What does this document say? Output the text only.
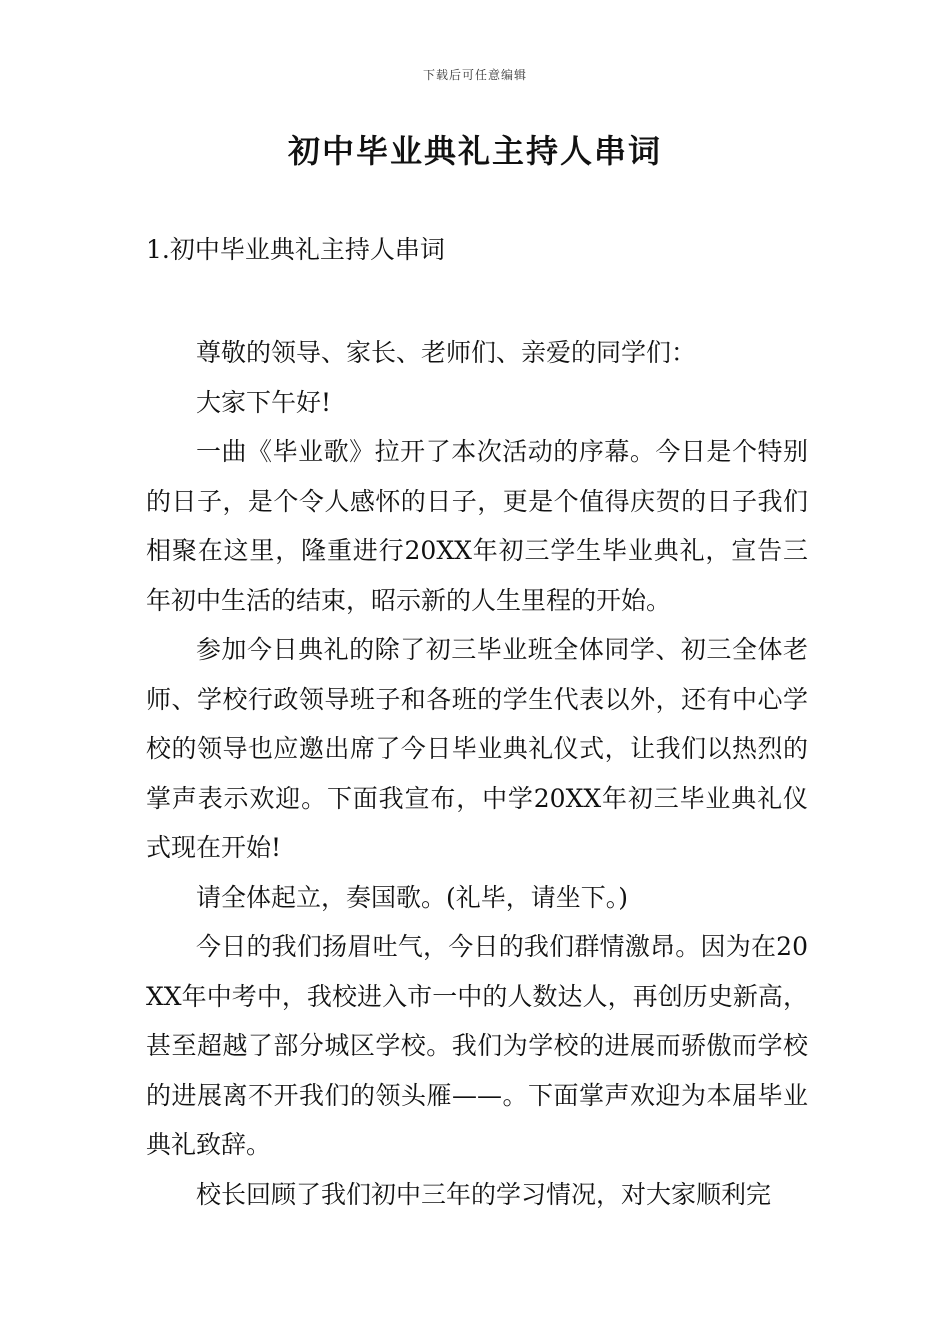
下载后可任意编辑
初中毕业典礼主持人串词
1.初中毕业典礼主持人串词

尊敬的领导、家长、老师们、亲爱的同学们：

大家下午好!

一曲《毕业歌》拉开了本次活动的序幕。今日是个特别的日子，是个令人感怀的日子，更是个值得庆贺的日子我们相聚在这里，隆重进行20XX年初三学生毕业典礼，宣告三年初中生活的结束，昭示新的人生里程的开始。

参加今日典礼的除了初三毕业班全体同学、初三全体老师、学校行政领导班子和各班的学生代表以外，还有中心学校的领导也应邀出席了今日毕业典礼仪式，让我们以热烈的掌声表示欢迎。下面我宣布，中学20XX年初三毕业典礼仪式现在开始!

请全体起立，奏国歌。(礼毕，请坐下。)

今日的我们扬眉吐气，今日的我们群情激昂。因为在20XX年中考中，我校进入市一中的人数达人，再创历史新高，甚至超越了部分城区学校。我们为学校的进展而骄傲而学校的进展离不开我们的领头雁——。下面掌声欢迎为本届毕业典礼致辞。

校长回顾了我们初中三年的学习情况，对大家顺利完
